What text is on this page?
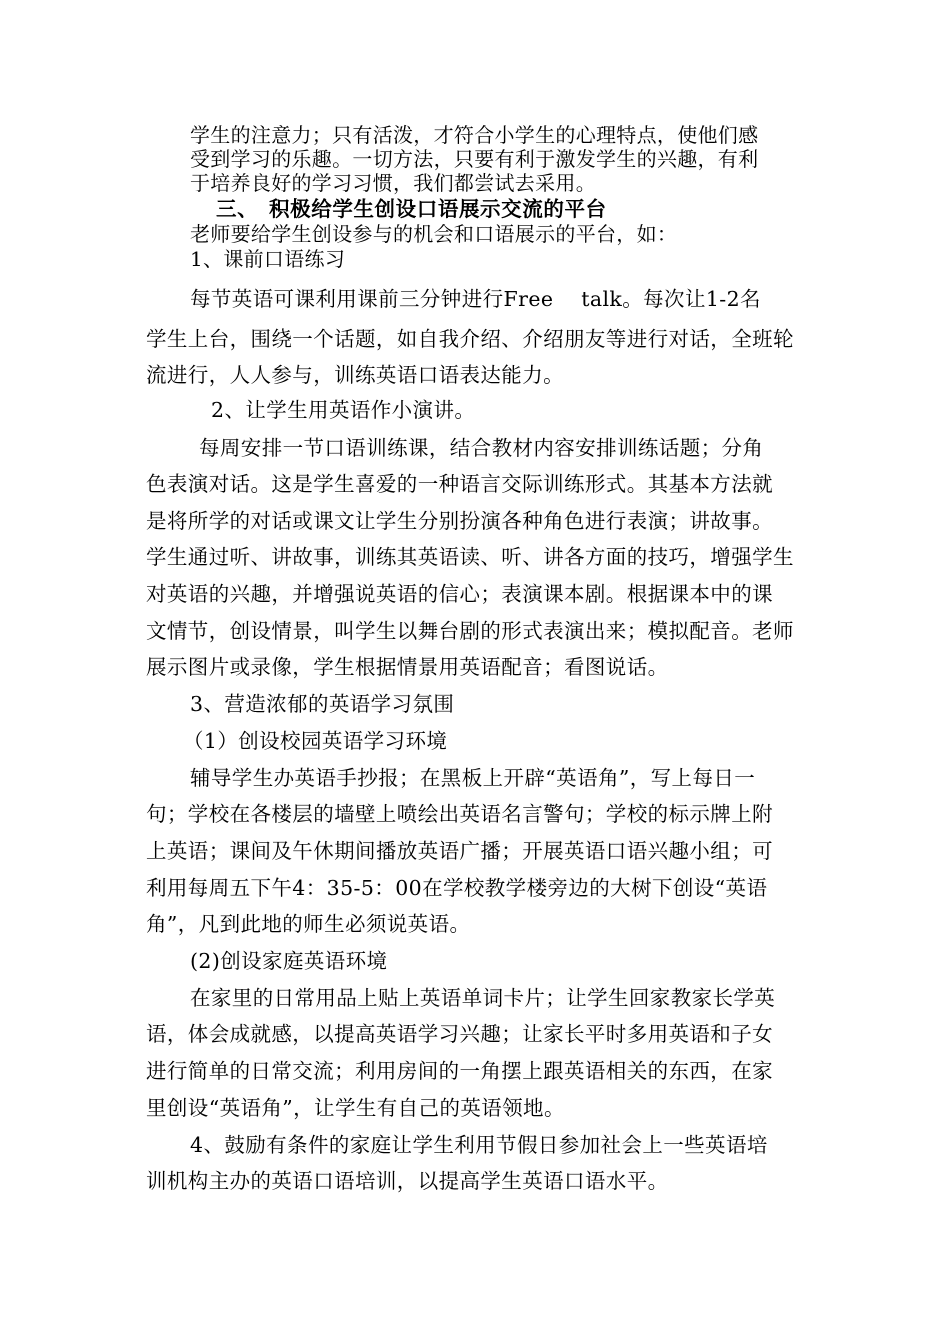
学生的注意力；只有活泼，才符合小学生的心理特点，使他们感
受到学习的乐趣。一切方法，只要有利于激发学生的兴趣，有利
于培养良好的学习习惯，我们都尝试去采用。
三、　积极给学生创设口语展示交流的平台
老师要给学生创设参与的机会和口语展示的平台，如：
1、课前口语练习
每节英语可课利用课前三分钟进行Free　 talk。每次让1-2名
学生上台，围绕一个话题，如自我介绍、介绍朋友等进行对话，全班轮
流进行，人人参与，训练英语口语表达能力。
2、让学生用英语作小演讲。
每周安排一节口语训练课，结合教材内容安排训练话题；分角
色表演对话。这是学生喜爱的一种语言交际训练形式。其基本方法就
是将所学的对话或课文让学生分别扮演各种角色进行表演；讲故事。
学生通过听、讲故事，训练其英语读、听、讲各方面的技巧，增强学生
对英语的兴趣，并增强说英语的信心；表演课本剧。根据课本中的课
文情节，创设情景，叫学生以舞台剧的形式表演出来；模拟配音。老师
展示图片或录像，学生根据情景用英语配音；看图说话。
3、营造浓郁的英语学习氛围
（1）创设校园英语学习环境
辅导学生办英语手抄报；在黑板上开辟“英语角”，写上每日一
句；学校在各楼层的墙壁上喷绘出英语名言警句；学校的标示牌上附
上英语；课间及午休期间播放英语广播；开展英语口语兴趣小组；可
利用每周五下午4：35-5：00在学校教学楼旁边的大树下创设“英语
角”，凡到此地的师生必须说英语。
(2)创设家庭英语环境
在家里的日常用品上贴上英语单词卡片；让学生回家教家长学英
语，体会成就感，以提高英语学习兴趣；让家长平时多用英语和子女
进行简单的日常交流；利用房间的一角摆上跟英语相关的东西，在家
里创设“英语角”，让学生有自己的英语领地。
4、鼓励有条件的家庭让学生利用节假日参加社会上一些英语培
训机构主办的英语口语培训，以提高学生英语口语水平。
